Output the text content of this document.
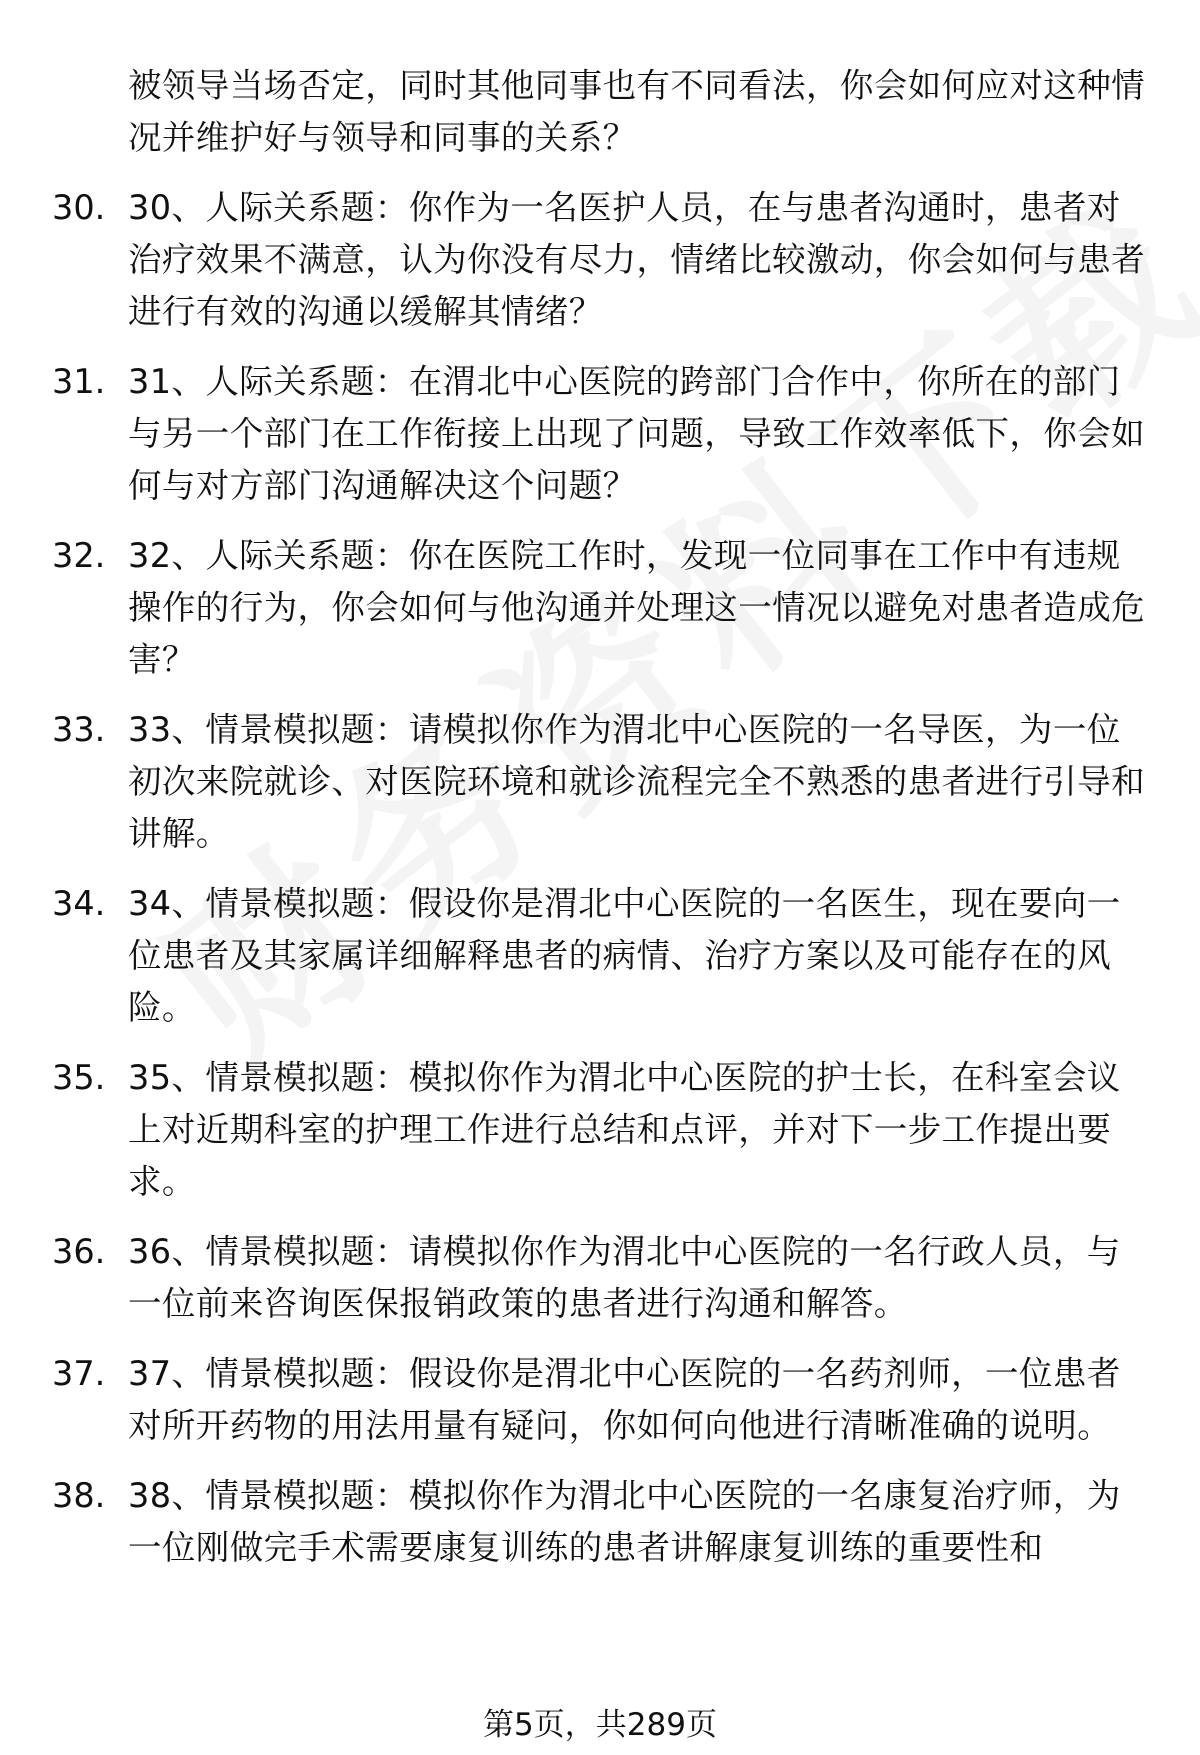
被领导当场否定，同时其他同事也有不同看法，你会如何应对这种情况并维护好与领导和同事的关系？
30. 30、人际关系题：你作为一名医护人员，在与患者沟通时，患者对治疗效果不满意，认为你没有尽力，情绪比较激动，你会如何与患者进行有效的沟通以缓解其情绪？
31. 31、人际关系题：在渭北中心医院的跨部门合作中，你所在的部门与另一个部门在工作衔接上出现了问题，导致工作效率低下，你会如何与对方部门沟通解决这个问题？
32. 32、人际关系题：你在医院工作时，发现一位同事在工作中有违规操作的行为，你会如何与他沟通并处理这一情况以避免对患者造成危害？
33. 33、情景模拟题：请模拟你作为渭北中心医院的一名导医，为一位初次来院就诊、对医院环境和就诊流程完全不熟悉的患者进行引导和讲解。
34. 34、情景模拟题：假设你是渭北中心医院的一名医生，现在要向一位患者及其家属详细解释患者的病情、治疗方案以及可能存在的风险。
35. 35、情景模拟题：模拟你作为渭北中心医院的护士长，在科室会议上对近期科室的护理工作进行总结和点评，并对下一步工作提出要求。
36. 36、情景模拟题：请模拟你作为渭北中心医院的一名行政人员，与一位前来咨询医保报销政策的患者进行沟通和解答。
37. 37、情景模拟题：假设你是渭北中心医院的一名药剂师，一位患者对所开药物的用法用量有疑问，你如何向他进行清晰准确的说明。
38. 38、情景模拟题：模拟你作为渭北中心医院的一名康复治疗师，为一位刚做完手术需要康复训练的患者讲解康复训练的重要性和
第5页，共289页
